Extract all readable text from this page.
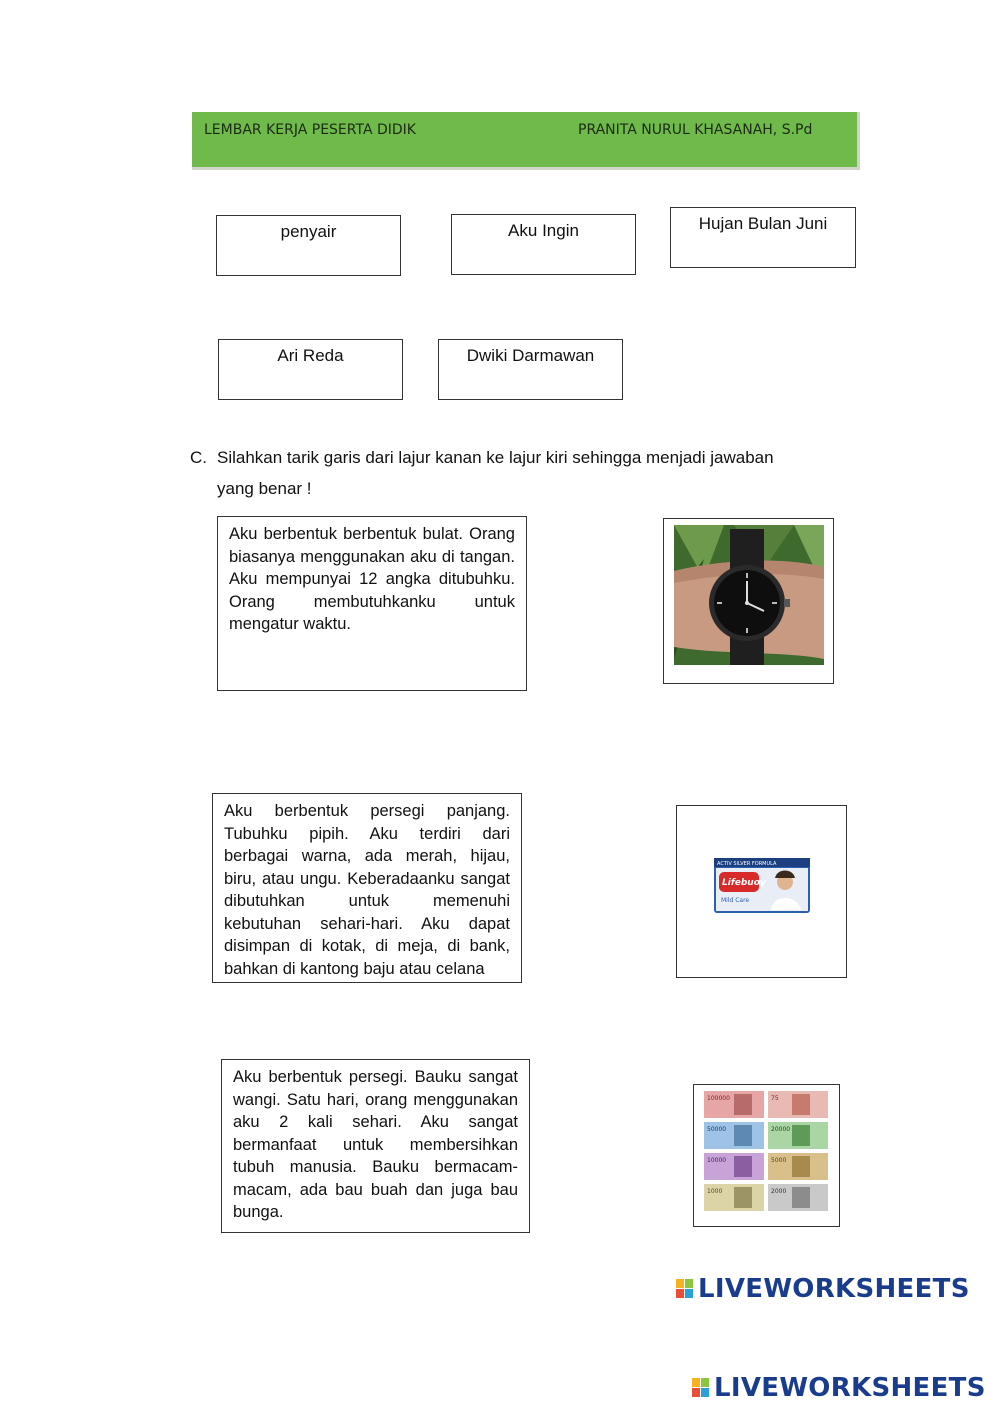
LEMBAR KERJA PESERTA DIDIK	PRANITA NURUL KHASANAH, S.Pd
penyair	Aku Ingin	Hujan Bulan Juni
Ari Reda	Dwiki Darmawan
C. Silahkan tarik garis dari lajur kanan ke lajur kiri sehingga menjadi jawaban
yang benar !
Aku berbentuk berbentuk bulat. Orang biasanya menggunakan aku di tangan. Aku mempunyai 12 angka ditubuhku. Orang membutuhkanku untuk mengatur waktu.
Aku berbentuk persegi panjang. Tubuhku pipih. Aku terdiri dari berbagai warna, ada merah, hijau, biru, atau ungu. Keberadaanku sangat dibutuhkan untuk memenuhi kebutuhan sehari-hari. Aku dapat disimpan di kotak, di meja, di bank, bahkan di kantong baju atau celana
ACTIV SILVER FORMULA
Lifebuoy
Mild Care
Aku berbentuk persegi. Bauku sangat wangi. Satu hari, orang menggunakan aku 2 kali sehari. Aku sangat bermanfaat untuk membersihkan tubuh manusia. Bauku bermacam-macam, ada bau buah dan juga bau bunga.
100000	75
50000	20000
10000	5000
1000	2000
LIVEWORKSHEETS
LIVEWORKSHEETS
